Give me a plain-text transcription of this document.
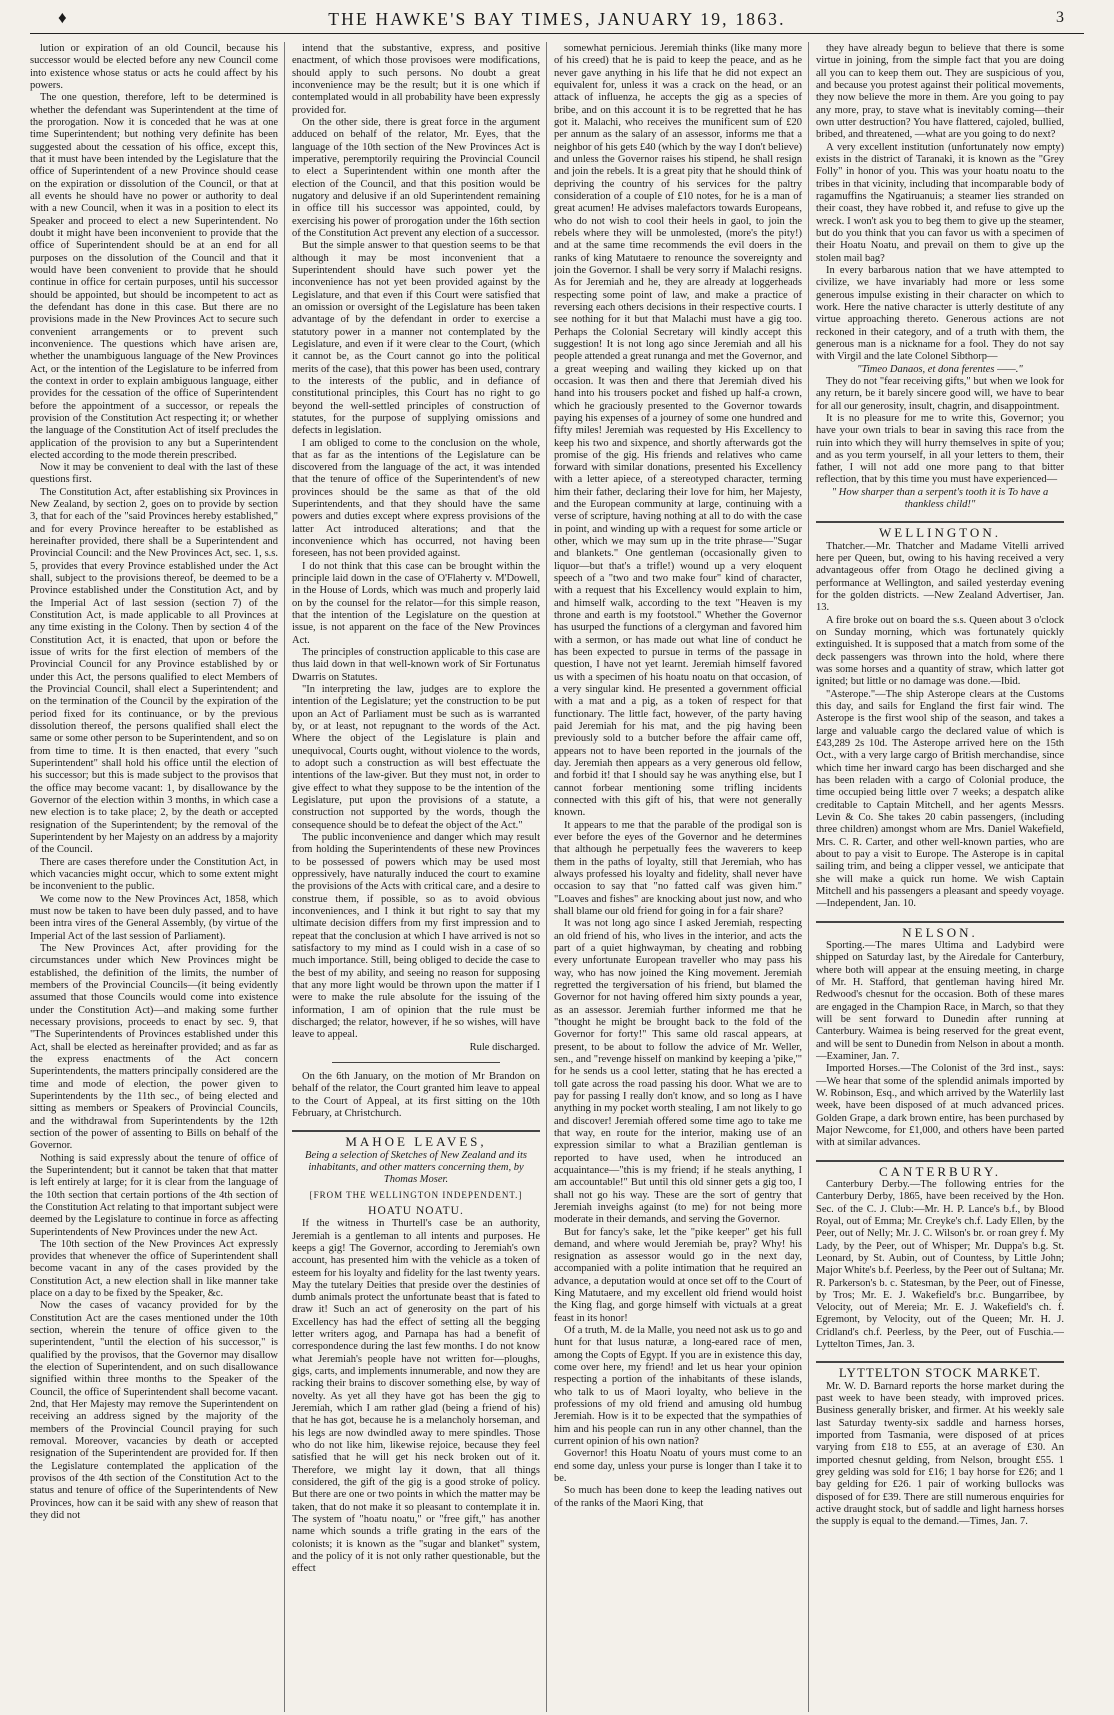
♦	THE HAWKE'S BAY TIMES, JANUARY 19, 1863.	3

lution or expiration of an old Council, because his successor would be elected before any new Council come into existence whose status or acts he could affect by his powers.

The one question, therefore, left to be determined is whether the defendant was Superintendent at the time of the prorogation. Now it is conceded that he was at one time Superintendent; but nothing very definite has been suggested about the cessation of his office, except this, that it must have been intended by the Legislature that the office of Superintendent of a new Province should cease on the expiration or dissolution of the Council, or that at all events he should have no power or authority to deal with a new Council, when it was in a position to elect its Speaker and proceed to elect a new Superintendent. No doubt it might have been inconvenient to provide that the office of Superintendent should be at an end for all purposes on the dissolution of the Council and that it would have been convenient to provide that he should continue in office for certain purposes, until his successor should be appointed, but should be incompetent to act as the defendant has done in this case. But there are no provisions made in the New Provinces Act to secure such convenient arrangements or to prevent such inconvenience. The questions which have arisen are, whether the unambiguous language of the New Provinces Act, or the intention of the Legislature to be inferred from the context in order to explain ambiguous language, either provides for the cessation of the office of Superintendent before the appointment of a successor, or repeals the provision of the Constitution Act respecting it; or whether the language of the Constitution Act of itself precludes the application of the provision to any but a Superintendent elected according to the mode therein prescribed.

Now it may be convenient to deal with the last of these questions first.

The Constitution Act, after establishing six Provinces in New Zealand, by section 2, goes on to provide by section 3, that for each of the "said Provinces hereby established," and for every Province hereafter to be established as hereinafter provided, there shall be a Superintendent and Provincial Council: and the New Provinces Act, sec. 1, s.s. 5, provides that every Province established under the Act shall, subject to the provisions thereof, be deemed to be a Province established under the Constitution Act, and by the Imperial Act of last session (section 7) of the Constitution Act, is made applicable to all Provinces at any time existing in the Colony. Then by section 4 of the Constitution Act, it is enacted, that upon or before the issue of writs for the first election of members of the Provincial Council for any Province established by or under this Act, the persons qualified to elect Members of the Provincial Council, shall elect a Superintendent; and on the termination of the Council by the expiration of the period fixed for its continuance, or by the previous dissolution thereof, the persons qualified shall elect the same or some other person to be Superintendent, and so on from time to time. It is then enacted, that every "such Superintendent" shall hold his office until the election of his successor; but this is made subject to the provisos that the office may become vacant: 1, by disallowance by the Governor of the election within 3 months, in which case a new election is to take place; 2, by the death or accepted resignation of the Superintendent; by the removal of the Superintendent by her Majesty on an address by a majority of the Council.

There are cases therefore under the Constitution Act, in which vacancies might occur, which to some extent might be inconvenient to the public.

We come now to the New Provinces Act, 1858, which must now be taken to have been duly passed, and to have been intra vires of the General Assembly, (by virtue of the Imperial Act of the last session of Parliament).

The New Provinces Act, after providing for the circumstances under which New Provinces might be established, the definition of the limits, the number of members of the Provincial Councils—(it being evidently assumed that those Councils would come into existence under the Constitution Act)—and making some further necessary provisions, proceeds to enact by sec. 9, that "The Superintendents of Provinces established under this Act, shall be elected as hereinafter provided; and as far as the express enactments of the Act concern Superintendents, the matters principally considered are the time and mode of election, the power given to Superintendents by the 11th sec., of being elected and sitting as members or Speakers of Provincial Councils, and the withdrawal from Superintendents by the 12th section of the power of assenting to Bills on behalf of the Governor.

Nothing is said expressly about the tenure of office of the Superintendent; but it cannot be taken that that matter is left entirely at large; for it is clear from the language of the 10th section that certain portions of the 4th section of the Constitution Act relating to that important subject were deemed by the Legislature to continue in force as affecting Superintendents of New Provinces under the new Act.

The 10th section of the New Provinces Act expressly provides that whenever the office of Superintendent shall become vacant in any of the cases provided by the Constitution Act, a new election shall in like manner take place on a day to be fixed by the Speaker, &c.

Now the cases of vacancy provided for by the Constitution Act are the cases mentioned under the 10th section, wherein the tenure of office given to the superintendent, "until the election of his successor," is qualified by the provisos, that the Governor may disallow the election of Superintendent, and on such disallowance signified within three months to the Speaker of the Council, the office of Superintendent shall become vacant. 2nd, that Her Majesty may remove the Superintendent on receiving an address signed by the majority of the members of the Provincial Council praying for such removal. Moreover, vacancies by death or accepted resignation of the Superintendent are provided for. If then the Legislature contemplated the application of the provisos of the 4th section of the Constitution Act to the status and tenure of office of the Superintendents of New Provinces, how can it be said with any shew of reason that they did not

intend that the substantive, express, and positive enactment, of which those provisoes were modifications, should apply to such persons. No doubt a great inconvenience may be the result; but it is one which if contemplated would in all probability have been expressly provided for.

On the other side, there is great force in the argument adduced on behalf of the relator, Mr. Eyes, that the language of the 10th section of the New Provinces Act is imperative, peremptorily requiring the Provincial Council to elect a Superintendent within one month after the election of the Council, and that this position would be nugatory and delusive if an old Superintendent remaining in office till his successor was appointed, could, by exercising his power of prorogation under the 16th section of the Constitution Act prevent any election of a successor.

But the simple answer to that question seems to be that although it may be most inconvenient that a Superintendent should have such power yet the inconvenience has not yet been provided against by the Legislature, and that even if this Court were satisfied that an omission or oversight of the Legislature has been taken advantage of by the defendant in order to exercise a statutory power in a manner not contemplated by the Legislature, and even if it were clear to the Court, (which it cannot be, as the Court cannot go into the political merits of the case), that this power has been used, contrary to the interests of the public, and in defiance of constitutional principles, this Court has no right to go beyond the well-settled principles of construction of statutes, for the purpose of supplying omissions and defects in legislation.

I am obliged to come to the conclusion on the whole, that as far as the intentions of the Legislature can be discovered from the language of the act, it was intended that the tenure of office of the Superintendent's of new provinces should be the same as that of the old Superintendents, and that they should have the same powers and duties except where express provisions of the latter Act introduced alterations; and that the inconvenience which has occurred, not having been foreseen, has not been provided against.

I do not think that this case can be brought within the principle laid down in the case of O'Flaherty v. M'Dowell, in the House of Lords, which was much and properly laid on by the counsel for the relator—for this simple reason, that the intention of the Legislature on the question at issue, is not apparent on the face of the New Provinces Act.

The principles of construction applicable to this case are thus laid down in that well-known work of Sir Fortunatus Dwarris on Statutes.

"In interpreting the law, judges are to explore the intention of the Legislature; yet the construction to be put upon an Act of Parliament must be such as is warranted by, or at least, not repugnant to the words of the Act. Where the object of the Legislature is plain and unequivocal, Courts ought, without violence to the words, to adopt such a construction as will best effectuate the intentions of the law-giver. But they must not, in order to give effect to what they suppose to be the intention of the Legislature, put upon the provisions of a statute, a construction not supported by the words, though the consequence should be to defeat the object of the Act."

The public inconvenience and danger which may result from holding the Superintendents of these new Provinces to be possessed of powers which may be used most oppressively, have naturally induced the court to examine the provisions of the Acts with critical care, and a desire to construe them, if possible, so as to avoid obvious inconveniences, and I think it but right to say that my ultimate decision differs from my first impression and to repeat that the conclusion at which I have arrived is not so satisfactory to my mind as I could wish in a case of so much importance. Still, being obliged to decide the case to the best of my ability, and seeing no reason for supposing that any more light would be thrown upon the matter if I were to make the rule absolute for the issuing of the information, I am of opinion that the rule must be discharged; the relator, however, if he so wishes, will have leave to appeal.

Rule discharged.

On the 6th January, on the motion of Mr Brandon on behalf of the relator, the Court granted him leave to appeal to the Court of Appeal, at its first sitting on the 10th February, at Christchurch.

MAHOE LEAVES,
Being a selection of Sketches of New Zealand and its inhabitants, and other matters concerning them, by Thomas Moser.
[FROM THE WELLINGTON INDEPENDENT.]
HOATU NOATU.

If the witness in Thurtell's case be an authority, Jeremiah is a gentleman to all intents and purposes. He keeps a gig! The Governor, according to Jeremiah's own account, has presented him with the vehicle as a token of esteem for his loyalty and fidelity for the last twenty years. May the tutelary Deities that preside over the destinies of dumb animals protect the unfortunate beast that is fated to draw it! Such an act of generosity on the part of his Excellency has had the effect of setting all the begging letter writers agog, and Parnapa has had a benefit of correspondence during the last few months. I do not know what Jeremiah's people have not written for—ploughs, gigs, carts, and implements innumerable, and now they are racking their brains to discover something else, by way of novelty. As yet all they have got has been the gig to Jeremiah, which I am rather glad (being a friend of his) that he has got, because he is a melancholy horseman, and his legs are now dwindled away to mere spindles. Those who do not like him, likewise rejoice, because they feel satisfied that he will get his neck broken out of it. Therefore, we might lay it down, that all things considered, the gift of the gig is a good stroke of policy. But there are one or two points in which the matter may be taken, that do not make it so pleasant to contemplate it in. The system of "hoatu noatu," or "free gift," has another name which sounds a trifle grating in the ears of the colonists; it is known as the "sugar and blanket" system, and the policy of it is not only rather questionable, but the effect

somewhat pernicious. Jeremiah thinks (like many more of his creed) that he is paid to keep the peace, and as he never gave anything in his life that he did not expect an equivalent for, unless it was a crack on the head, or an attack of influenza, he accepts the gig as a species of bribe, and on this account it is to be regretted that he has got it. Malachi, who receives the munificent sum of £20 per annum as the salary of an assessor, informs me that a neighbor of his gets £40 (which by the way I don't believe) and unless the Governor raises his stipend, he shall resign and join the rebels. It is a great pity that he should think of depriving the country of his services for the paltry consideration of a couple of £10 notes, for he is a man of great acumen! He advises malefactors towards Europeans, who do not wish to cool their heels in gaol, to join the rebels where they will be unmolested, (more's the pity!) and at the same time recommends the evil doers in the ranks of king Matutaere to renounce the sovereignty and join the Governor. I shall be very sorry if Malachi resigns. As for Jeremiah and he, they are already at loggerheads respecting some point of law, and make a practice of reversing each others decisions in their respective courts. I see nothing for it but that Malachi must have a gig too. Perhaps the Colonial Secretary will kindly accept this suggestion! It is not long ago since Jeremiah and all his people attended a great runanga and met the Governor, and a great weeping and wailing they kicked up on that occasion. It was then and there that Jeremiah dived his hand into his trousers pocket and fished up half-a crown, which he graciously presented to the Governor towards paying his expenses of a journey of some one hundred and fifty miles! Jeremiah was requested by His Excellency to keep his two and sixpence, and shortly afterwards got the promise of the gig. His friends and relatives who came forward with similar donations, presented his Excellency with a letter apiece, of a stereotyped character, terming him their father, declaring their love for him, her Majesty, and the European community at large, continuing with a verse of scripture, having nothing at all to do with the case in point, and winding up with a request for some article or other, which we may sum up in the trite phrase—"Sugar and blankets." One gentleman (occasionally given to liquor—but that's a trifle!) wound up a very eloquent speech of a "two and two make four" kind of character, with a request that his Excellency would explain to him, and himself walk, according to the text "Heaven is my throne and earth is my footstool." Whether the Governor has usurped the functions of a clergyman and favored him with a sermon, or has made out what line of conduct he has been expected to pursue in terms of the passage in question, I have not yet learnt. Jeremiah himself favored us with a specimen of his hoatu noatu on that occasion, of a very singular kind. He presented a government official with a mat and a pig, as a token of respect for that functionary. The little fact, however, of the party having paid Jeremiah for his mat, and the pig having been previously sold to a butcher before the affair came off, appears not to have been reported in the journals of the day. Jeremiah then appears as a very generous old fellow, and forbid it! that I should say he was anything else, but I cannot forbear mentioning some trifling incidents connected with this gift of his, that were not generally known.

It appears to me that the parable of the prodigal son is ever before the eyes of the Governor and he determines that although he perpetually fees the waverers to keep them in the paths of loyalty, still that Jeremiah, who has always professed his loyalty and fidelity, shall never have occasion to say that "no fatted calf was given him." "Loaves and fishes" are knocking about just now, and who shall blame our old friend for going in for a fair share?

It was not long ago since I asked Jeremiah, respecting an old friend of his, who lives in the interior, and acts the part of a quiet highwayman, by cheating and robbing every unfortunate European traveller who may pass his way, who has now joined the King movement. Jeremiah regretted the tergiversation of his friend, but blamed the Governor for not having offered him sixty pounds a year, as an assessor. Jeremiah further informed me that he "thought he might be brought back to the fold of the Governor for forty!" This same old rascal appears, at present, to be about to follow the advice of Mr. Weller, sen., and "revenge hisself on mankind by keeping a 'pike,'" for he sends us a cool letter, stating that he has erected a toll gate across the road passing his door. What we are to pay for passing I really don't know, and so long as I have anything in my pocket worth stealing, I am not likely to go and discover! Jeremiah offered some time ago to take me that way, en route for the interior, making use of an expression similar to what a Brazilian gentleman is reported to have used, when he introduced an acquaintance—"this is my friend; if he steals anything, I am accountable!" But until this old sinner gets a gig too, I shall not go his way. These are the sort of gentry that Jeremiah inveighs against (to me) for not being more moderate in their demands, and serving the Governor.

But for fancy's sake, let the "pike keeper" get his full demand, and where would Jeremiah be, pray? Why! his resignation as assessor would go in the next day, accompanied with a polite intimation that he required an advance, a deputation would at once set off to the Court of King Matutaere, and my excellent old friend would hoist the King flag, and gorge himself with victuals at a great feast in its honor!

Of a truth, M. de la Malle, you need not ask us to go and hunt for that lusus naturæ, a long-eared race of men, among the Copts of Egypt. If you are in existence this day, come over here, my friend! and let us hear your opinion respecting a portion of the inhabitants of these islands, who talk to us of Maori loyalty, who believe in the professions of my old friend and amusing old humbug Jeremiah. How is it to be expected that the sympathies of him and his people can run in any other channel, than the current opinion of his own nation?

Governor! this Hoatu Noatu of yours must come to an end some day, unless your purse is longer than I take it to be.

So much has been done to keep the leading natives out of the ranks of the Maori King, that

they have already begun to believe that there is some virtue in joining, from the simple fact that you are doing all you can to keep them out. They are suspicious of you, and because you protest against their political movements, they now believe the more in them. Are you going to pay any more, pray, to stave what is inevitably coming—their own utter destruction? You have flattered, cajoled, bullied, bribed, and threatened, —what are you going to do next?

A very excellent institution (unfortunately now empty) exists in the district of Taranaki, it is known as the "Grey Folly" in honor of you. This was your hoatu noatu to the tribes in that vicinity, including that incomparable body of ragamuffins the Ngatiruanuis; a steamer lies stranded on their coast, they have robbed it, and refuse to give up the wreck. I won't ask you to beg them to give up the steamer, but do you think that you can favor us with a specimen of their Hoatu Noatu, and prevail on them to give up the stolen mail bag?

In every barbarous nation that we have attempted to civilize, we have invariably had more or less some generous impulse existing in their character on which to work. Here the native character is utterly destitute of any virtue approaching thereto. Generous actions are not reckoned in their category, and of a truth with them, the generous man is a nickname for a fool. They do not say with Virgil and the late Colonel Sibthorp—

"Timeo Danaos, et dona ferentes ——."

They do not "fear receiving gifts," but when we look for any return, be it barely sincere good will, we have to bear for all our generosity, insult, chagrin, and disappointment.

It is no pleasure for me to write this, Governor; you have your own trials to bear in saving this race from the ruin into which they will hurry themselves in spite of you; and as you term yourself, in all your letters to them, their father, I will not add one more pang to that bitter reflection, that by this time you must have experienced—

" How sharper than a serpent's tooth it is To have a thankless child!"

WELLINGTON.

Thatcher.—Mr. Thatcher and Madame Vitelli arrived here per Queen, but, owing to his having received a very advantageous offer from Otago he declined giving a performance at Wellington, and sailed yesterday evening for the golden districts. —New Zealand Advertiser, Jan. 13.

A fire broke out on board the s.s. Queen about 3 o'clock on Sunday morning, which was fortunately quickly extinguished. It is supposed that a match from some of the deck passengers was thrown into the hold, where there was some horses and a quantity of straw, which latter got ignited; but little or no damage was done.—Ibid.

"Asterope."—The ship Asterope clears at the Customs this day, and sails for England the first fair wind. The Asterope is the first wool ship of the season, and takes a large and valuable cargo the declared value of which is £43,289 2s 10d. The Asterope arrived here on the 15th Oct., with a very large cargo of British merchandise, since which time her inward cargo has been discharged and she has been reladen with a cargo of Colonial produce, the time occupied being little over 7 weeks; a despatch alike creditable to Captain Mitchell, and her agents Messrs. Levin & Co. She takes 20 cabin passengers, (including three children) amongst whom are Mrs. Daniel Wakefield, Mrs. C. R. Carter, and other well-known parties, who are about to pay a visit to Europe. The Asterope is in capital sailing trim, and being a clipper vessel, we anticipate that she will make a quick run home. We wish Captain Mitchell and his passengers a pleasant and speedy voyage. —Independent, Jan. 10.

NELSON.

Sporting.—The mares Ultima and Ladybird were shipped on Saturday last, by the Airedale for Canterbury, where both will appear at the ensuing meeting, in charge of Mr. H. Stafford, that gentleman having hired Mr. Redwood's chesnut for the occasion. Both of these mares are engaged in the Champion Race, in March, so that they will be sent forward to Dunedin after running at Canterbury. Waimea is being reserved for the great event, and will be sent to Dunedin from Nelson in about a month.—Examiner, Jan. 7.

Imported Horses.—The Colonist of the 3rd inst., says:—We hear that some of the splendid animals imported by W. Robinson, Esq., and which arrived by the Waterlily last week, have been disposed of at much advanced prices. Golden Grape, a dark brown entire, has been purchased by Major Newcome, for £1,000, and others have been parted with at similar advances.

CANTERBURY.

Canterbury Derby.—The following entries for the Canterbury Derby, 1865, have been received by the Hon. Sec. of the C. J. Club:—Mr. H. P. Lance's b.f., by Blood Royal, out of Emma; Mr. Creyke's ch.f. Lady Ellen, by the Peer, out of Nelly; Mr. J. C. Wilson's br. or roan grey f. My Lady, by the Peer, out of Whisper; Mr. Duppa's b.g. St. Leonard, by St. Aubin, out of Countess, by Little John; Major White's b.f. Peerless, by the Peer out of Sultana; Mr. R. Parkerson's b. c. Statesman, by the Peer, out of Finesse, by Tros; Mr. E. J. Wakefield's br.c. Bungarribee, by Velocity, out of Mereia; Mr. E. J. Wakefield's ch. f. Egremont, by Velocity, out of the Queen; Mr. H. J. Cridland's ch.f. Peerless, by the Peer, out of Fuschia.—Lyttelton Times, Jan. 3.

LYTTELTON STOCK MARKET.

Mr. W. D. Barnard reports the horse market during the past week to have been steady, with improved prices. Business generally brisker, and firmer. At his weekly sale last Saturday twenty-six saddle and harness horses, imported from Tasmania, were disposed of at prices varying from £18 to £55, at an average of £30. An imported chesnut gelding, from Nelson, brought £55. 1 grey gelding was sold for £16; 1 bay horse for £26; and 1 bay gelding for £26. 1 pair of working bullocks was disposed of for £39. There are still numerous enquiries for active draught stock, but of saddle and light harness horses the supply is equal to the demand.—Times, Jan. 7.
